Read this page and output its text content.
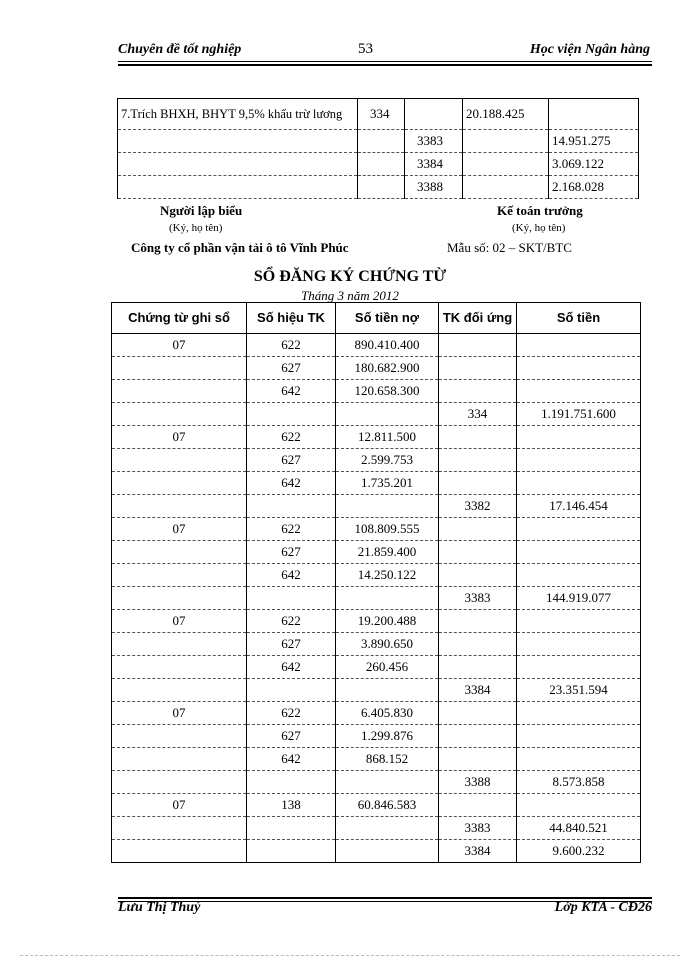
Chuyên đề tốt nghiệp	53	Học viện Ngân hàng
7.Trích BHXH, BHYT 9,5% khấu trừ lương	334		20.188.425	
		3383		14.951.275
		3384		3.069.122
		3388		2.168.028
Người lập biểu
(Ký, họ tên)
Kế toán trưởng
(Ký, họ tên)
Công ty cổ phần vận tải ô tô Vĩnh Phúc	Mẫu số: 02 – SKT/BTC
SỔ ĐĂNG KÝ CHỨNG TỪ
Tháng 3 năm 2012
Chứng từ ghi sổ	Số hiệu TK	Số tiền nợ	TK đối ứng	Số tiền
07	622	890.410.400		
	627	180.682.900		
	642	120.658.300		
			334	1.191.751.600
07	622	12.811.500		
	627	2.599.753		
	642	1.735.201		
			3382	17.146.454
07	622	108.809.555		
	627	21.859.400		
	642	14.250.122		
			3383	144.919.077
07	622	19.200.488		
	627	3.890.650		
	642	260.456		
			3384	23.351.594
07	622	6.405.830		
	627	1.299.876		
	642	868.152		
			3388	8.573.858
07	138	60.846.583		
			3383	44.840.521
			3384	9.600.232
Lưu Thị Thuý	Lớp KTA - CĐ26
